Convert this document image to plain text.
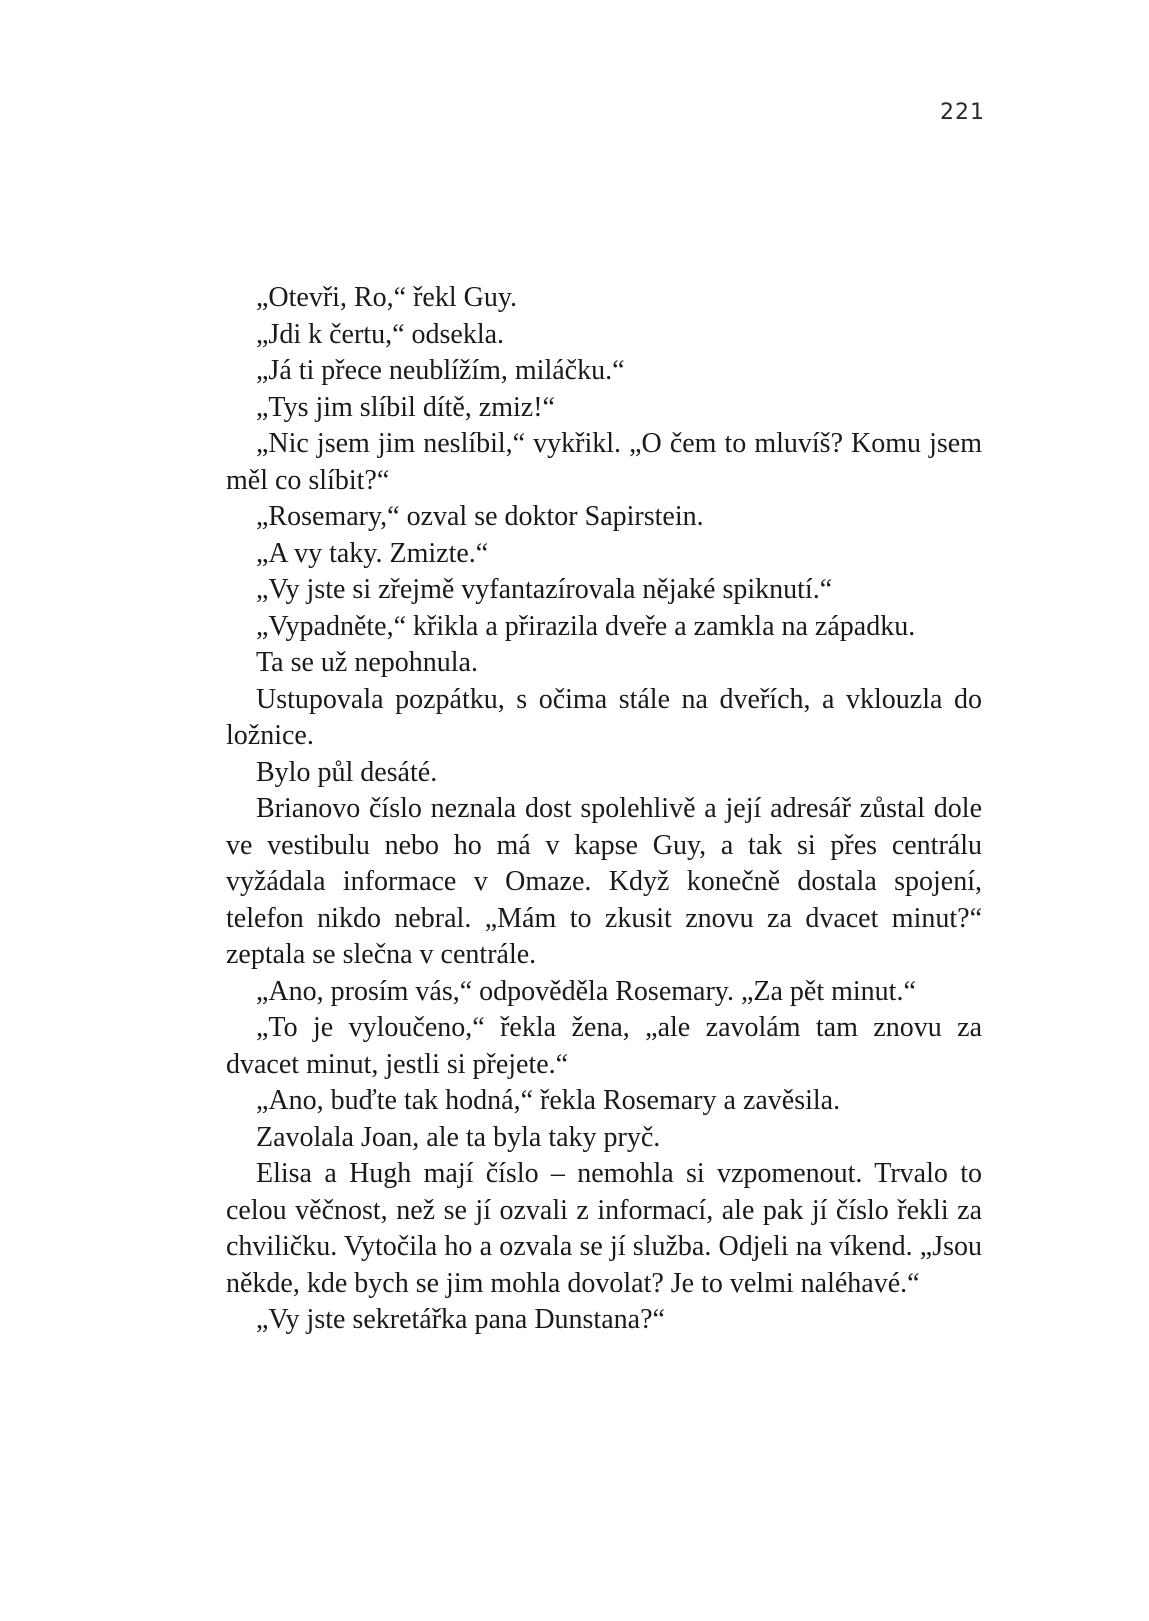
221

„Otevři, Ro,“ řekl Guy.

„Jdi k čertu,“ odsekla.

„Já ti přece neublížím, miláčku.“

„Tys jim slíbil dítě, zmiz!“

„Nic jsem jim neslíbil,“ vykřikl. „O čem to mluvíš? Komu jsem měl co slíbit?“

„Rosemary,“ ozval se doktor Sapirstein.

„A vy taky. Zmizte.“

„Vy jste si zřejmě vyfantazírovala nějaké spiknutí.“

„Vypadněte,“ křikla a přirazila dveře a zamkla na západku.

Ta se už nepohnula.

Ustupovala pozpátku, s očima stále na dveřích, a vklouzla do ložnice.

Bylo půl desáté.

Brianovo číslo neznala dost spolehlivě a její adresář zůstal dole ve vestibulu nebo ho má v kapse Guy, a tak si přes centrálu vyžádala informace v Omaze. Když konečně dostala spojení, telefon nikdo nebral. „Mám to zkusit znovu za dvacet minut?“ zeptala se slečna v centrále.

„Ano, prosím vás,“ odpověděla Rosemary. „Za pět minut.“

„To je vyloučeno,“ řekla žena, „ale zavolám tam znovu za dvacet minut, jestli si přejete.“

„Ano, buďte tak hodná,“ řekla Rosemary a zavěsila.

Zavolala Joan, ale ta byla taky pryč.

Elisa a Hugh mají číslo – nemohla si vzpomenout. Trvalo to celou věčnost, než se jí ozvali z informací, ale pak jí číslo řekli za chviličku. Vytočila ho a ozvala se jí služba. Odjeli na víkend. „Jsou někde, kde bych se jim mohla dovolat? Je to velmi naléhavé.“

„Vy jste sekretářka pana Dunstana?“
